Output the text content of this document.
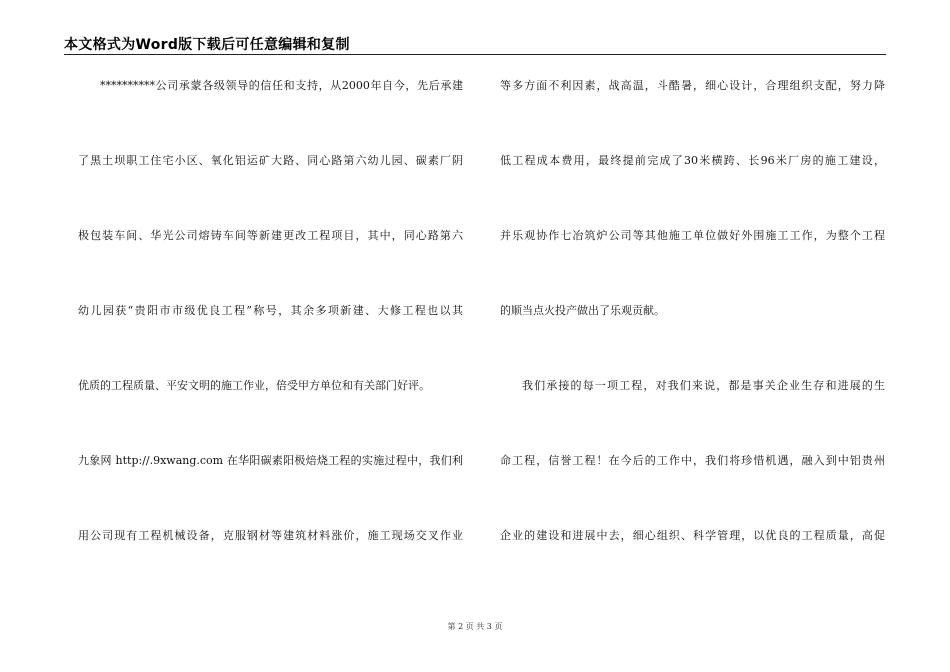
本文格式为Word版下载后可任意编辑和复制
**********公司承蒙各级领导的信任和支持，从2000年自今，先后承建
了黑土坝职工住宅小区、氧化铝运矿大路、同心路第六幼儿园、碳素厂阴
极包装车间、华光公司熔铸车间等新建更改工程项目，其中，同心路第六
幼儿园获“贵阳市市级优良工程”称号，其余多项新建、大修工程也以其
优质的工程质量、平安文明的施工作业，倍受甲方单位和有关部门好评。
九象网 http://.9xwang.com 在华阳碳素阳极焙烧工程的实施过程中，我们利
用公司现有工程机械设备，克服钢材等建筑材料涨价，施工现场交叉作业
等多方面不利因素，战高温，斗酷暑，细心设计，合理组织支配，努力降
低工程成本费用，最终提前完成了30米横跨、长96米厂房的施工建设，
并乐观协作七冶筑炉公司等其他施工单位做好外围施工工作，为整个工程
的顺当点火投产做出了乐观贡献。
我们承接的每一项工程，对我们来说，都是事关企业生存和进展的生
命工程，信誉工程！在今后的工作中，我们将珍惜机遇，融入到中铝贵州
企业的建设和进展中去，细心组织、科学管理，以优良的工程质量，高促
第 2 页 共 3 页
